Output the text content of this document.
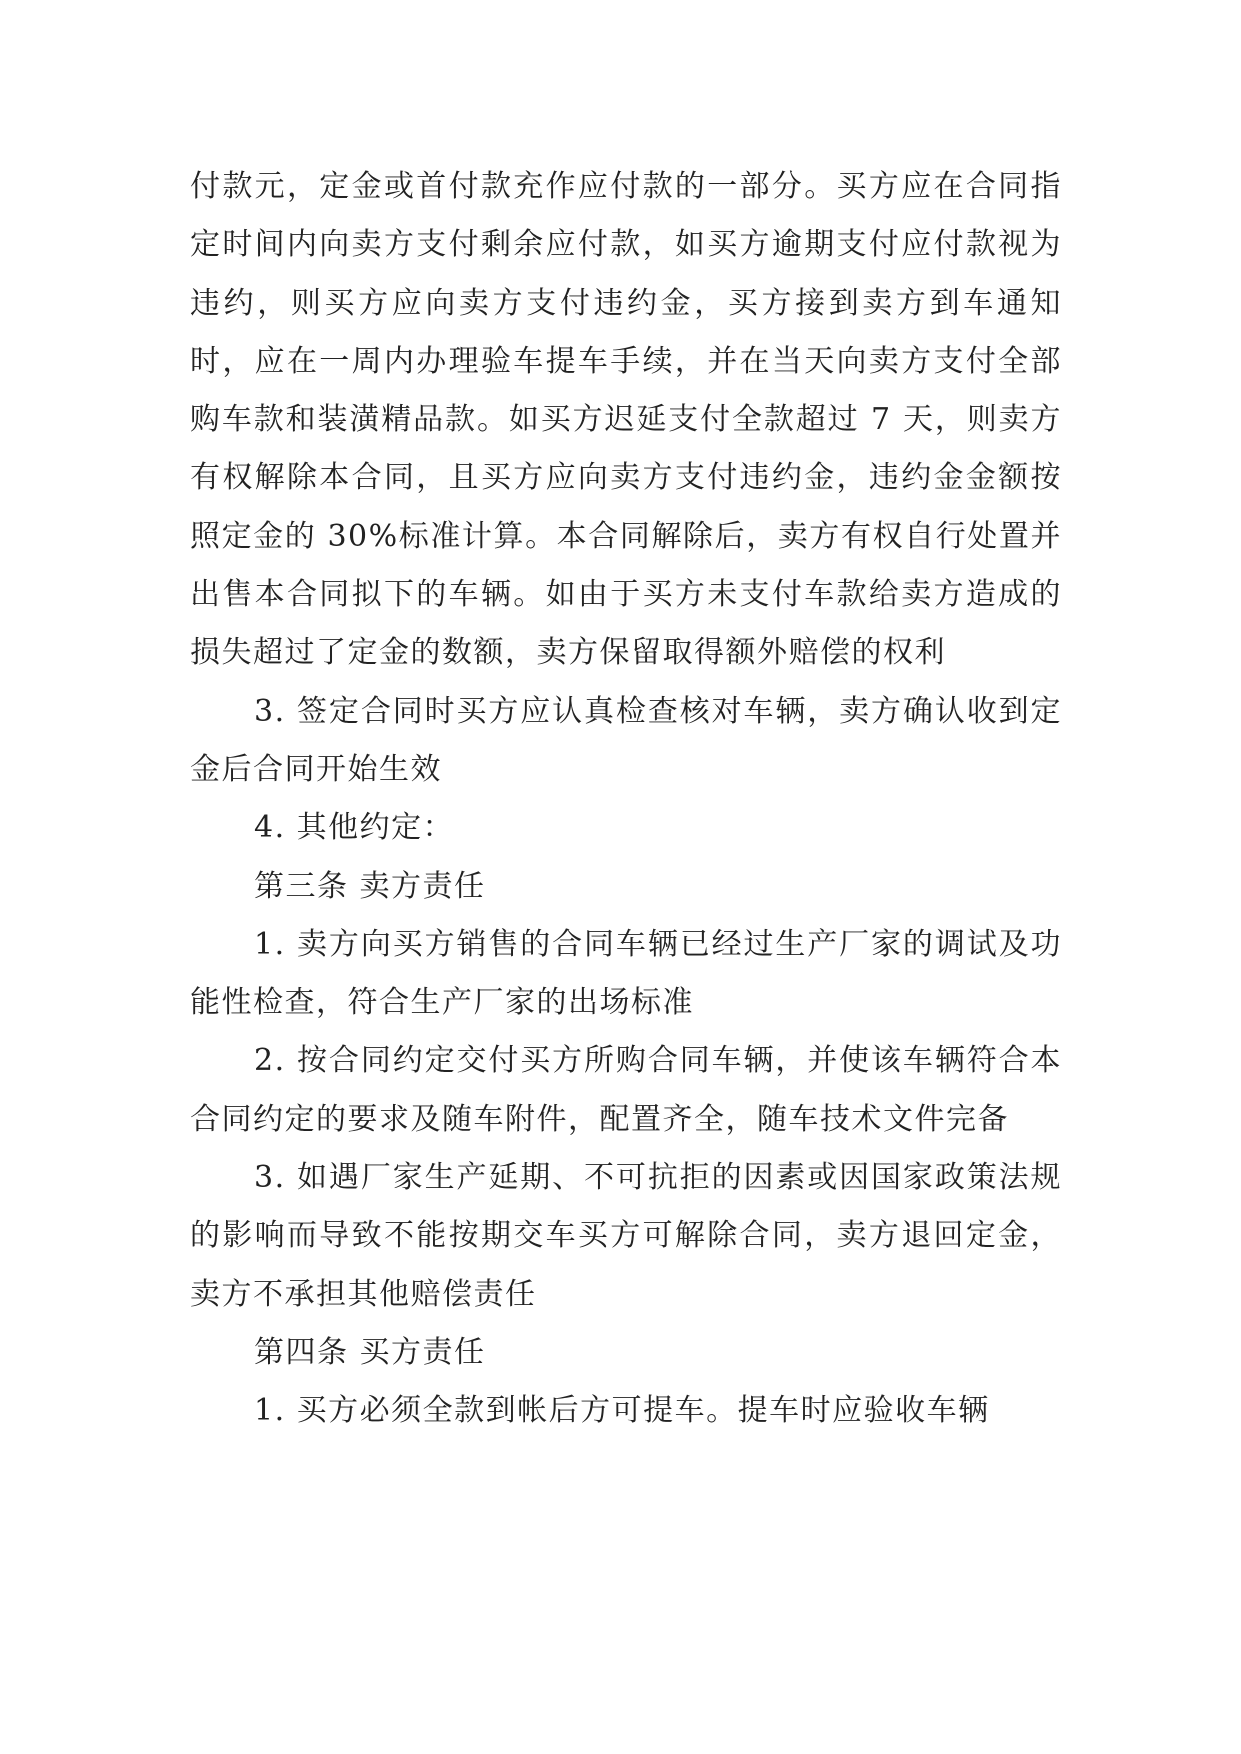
付款元，定金或首付款充作应付款的一部分。买方应在合同指定时间内向卖方支付剩余应付款，如买方逾期支付应付款视为违约，则买方应向卖方支付违约金，买方接到卖方到车通知时，应在一周内办理验车提车手续，并在当天向卖方支付全部购车款和装潢精品款。如买方迟延支付全款超过 7 天，则卖方有权解除本合同，且买方应向卖方支付违约金，违约金金额按照定金的 30%标准计算。本合同解除后，卖方有权自行处置并出售本合同拟下的车辆。如由于买方未支付车款给卖方造成的损失超过了定金的数额，卖方保留取得额外赔偿的权利

3. 签定合同时买方应认真检查核对车辆，卖方确认收到定金后合同开始生效

4. 其他约定：

第三条 卖方责任

1. 卖方向买方销售的合同车辆已经过生产厂家的调试及功能性检查，符合生产厂家的出场标准

2. 按合同约定交付买方所购合同车辆，并使该车辆符合本合同约定的要求及随车附件，配置齐全，随车技术文件完备

3. 如遇厂家生产延期、不可抗拒的因素或因国家政策法规的影响而导致不能按期交车买方可解除合同，卖方退回定金，卖方不承担其他赔偿责任

第四条 买方责任

1. 买方必须全款到帐后方可提车。提车时应验收车辆
